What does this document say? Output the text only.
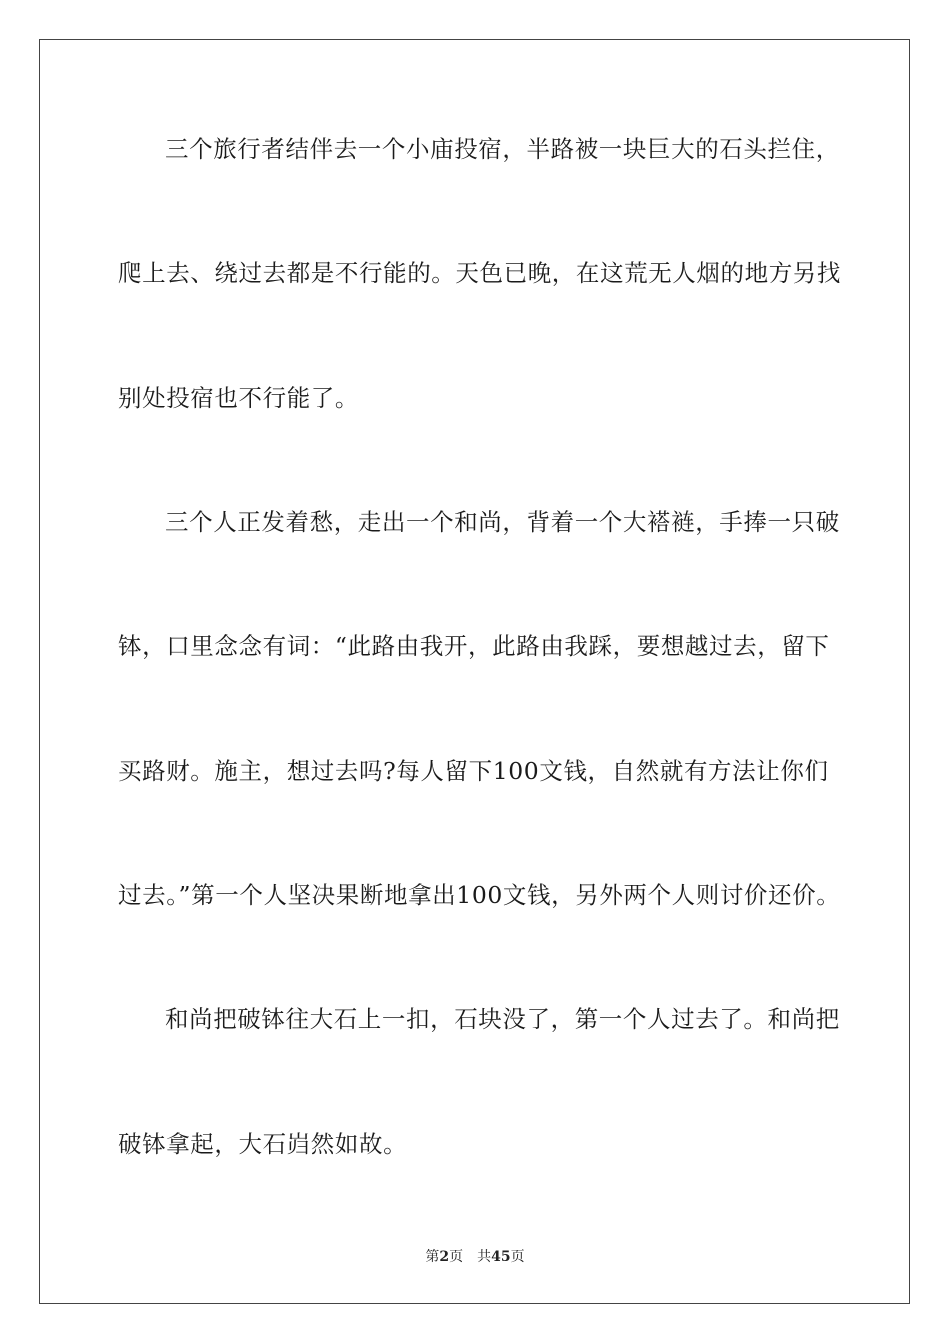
三个旅行者结伴去一个小庙投宿，半路被一块巨大的石头拦住，
爬上去、绕过去都是不行能的。天色已晚，在这荒无人烟的地方另找
别处投宿也不行能了。
三个人正发着愁，走出一个和尚，背着一个大褡裢，手捧一只破
钵，口里念念有词：“此路由我开，此路由我踩，要想越过去，留下
买路财。施主，想过去吗?每人留下100文钱，自然就有方法让你们
过去。”第一个人坚决果断地拿出100文钱，另外两个人则讨价还价。
和尚把破钵往大石上一扣，石块没了，第一个人过去了。和尚把
破钵拿起，大石岿然如故。
第2页 共45页
